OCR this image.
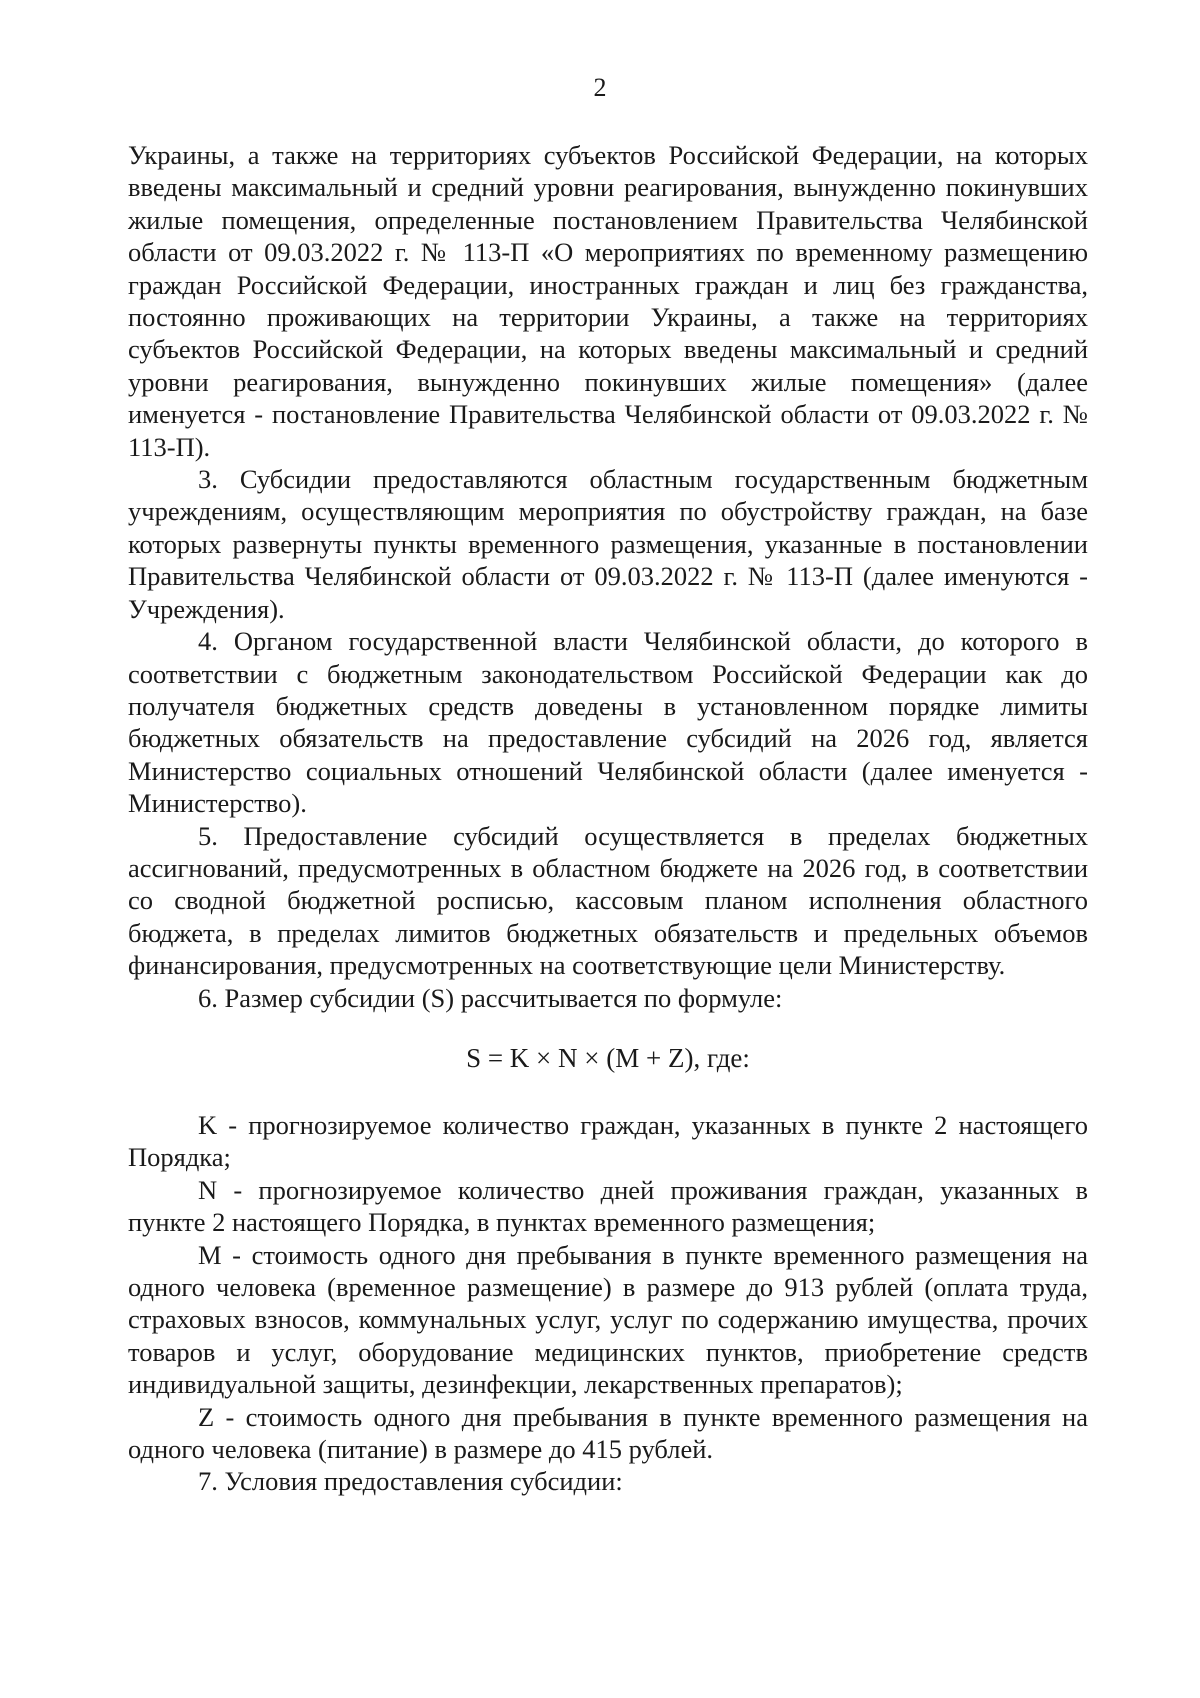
2

Украины, а также на территориях субъектов Российской Федерации, на которых введены максимальный и средний уровни реагирования, вынужденно покинувших жилые помещения, определенные постановлением Правительства Челябинской области от 09.03.2022 г. № 113-П «О мероприятиях по временному размещению граждан Российской Федерации, иностранных граждан и лиц без гражданства, постоянно проживающих на территории Украины, а также на территориях субъектов Российской Федерации, на которых введены максимальный и средний уровни реагирования, вынужденно покинувших жилые помещения» (далее именуется - постановление Правительства Челябинской области от 09.03.2022 г. № 113-П).

3. Субсидии предоставляются областным государственным бюджетным учреждениям, осуществляющим мероприятия по обустройству граждан, на базе которых развернуты пункты временного размещения, указанные в постановлении Правительства Челябинской области от 09.03.2022 г. № 113-П (далее именуются - Учреждения).

4. Органом государственной власти Челябинской области, до которого в соответствии с бюджетным законодательством Российской Федерации как до получателя бюджетных средств доведены в установленном порядке лимиты бюджетных обязательств на предоставление субсидий на 2026 год, является Министерство социальных отношений Челябинской области (далее именуется - Министерство).

5. Предоставление субсидий осуществляется в пределах бюджетных ассигнований, предусмотренных в областном бюджете на 2026 год, в соответствии со сводной бюджетной росписью, кассовым планом исполнения областного бюджета, в пределах лимитов бюджетных обязательств и предельных объемов финансирования, предусмотренных на соответствующие цели Министерству.

6. Размер субсидии (S) рассчитывается по формуле:

S = K × N × (M + Z), где:

K - прогнозируемое количество граждан, указанных в пункте 2 настоящего Порядка;

N - прогнозируемое количество дней проживания граждан, указанных в пункте 2 настоящего Порядка, в пунктах временного размещения;

M - стоимость одного дня пребывания в пункте временного размещения на одного человека (временное размещение) в размере до 913 рублей (оплата труда, страховых взносов, коммунальных услуг, услуг по содержанию имущества, прочих товаров и услуг, оборудование медицинских пунктов, приобретение средств индивидуальной защиты, дезинфекции, лекарственных препаратов);

Z - стоимость одного дня пребывания в пункте временного размещения на одного человека (питание) в размере до 415 рублей.

7. Условия предоставления субсидии:
